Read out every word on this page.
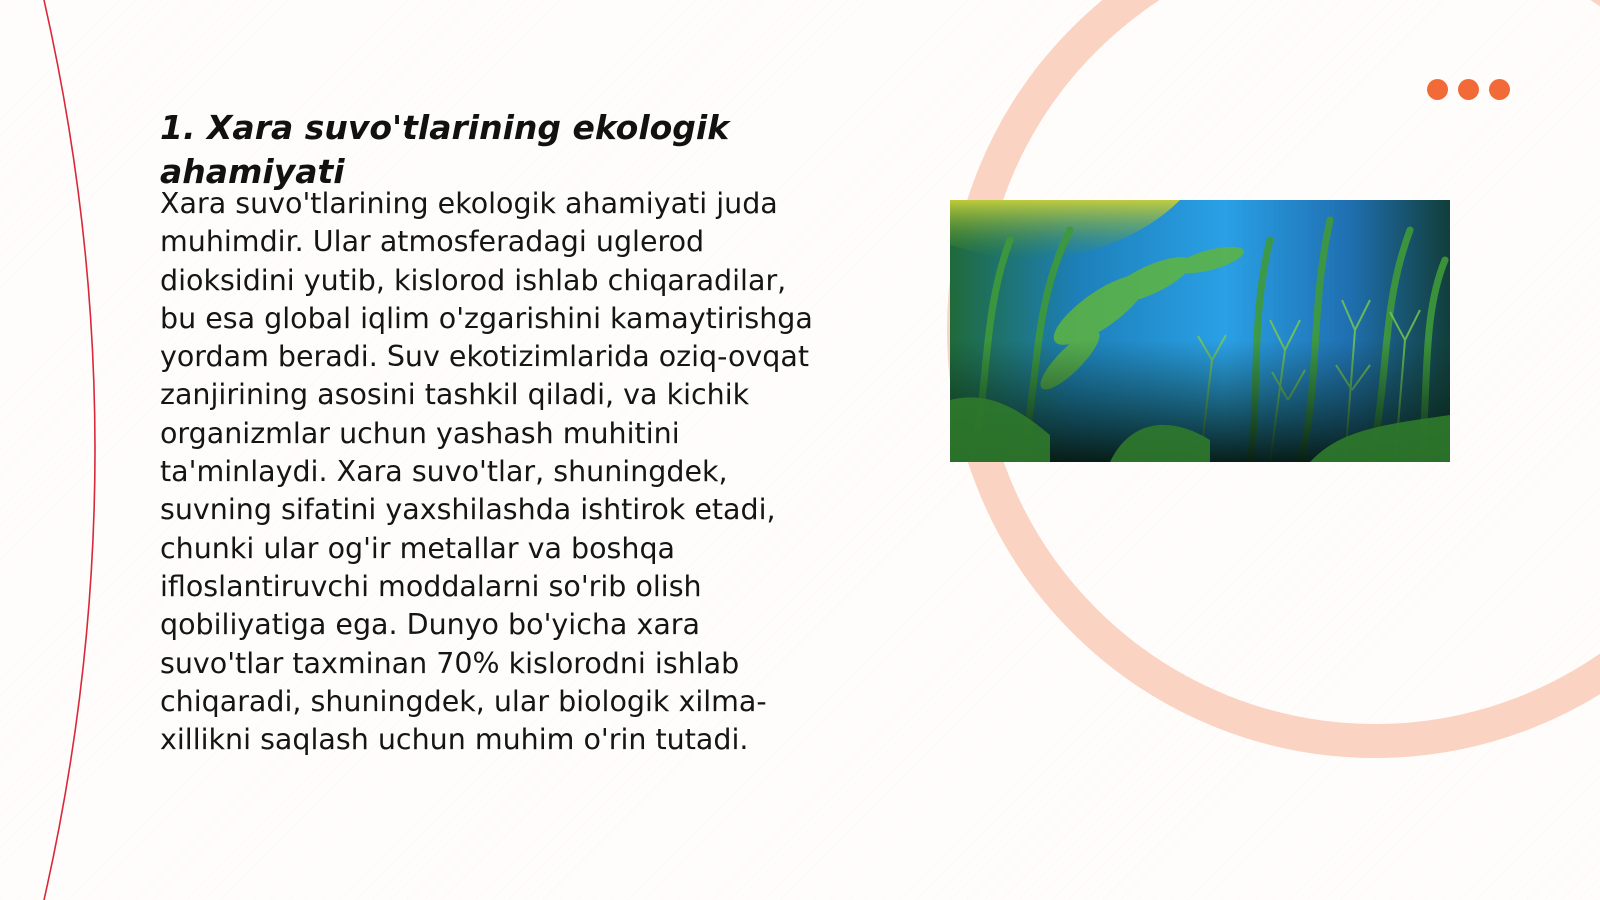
1. Xara suvo'tlarining ekologik ahamiyati

Xara suvo'tlarining ekologik ahamiyati juda muhimdir. Ular atmosferadagi uglerod dioksidini yutib, kislorod ishlab chiqaradilar, bu esa global iqlim o'zgarishini kamaytirishga yordam beradi. Suv ekotizimlarida oziq-ovqat zanjirining asosini tashkil qiladi, va kichik organizmlar uchun yashash muhitini ta'minlaydi. Xara suvo'tlar, shuningdek, suvning sifatini yaxshilashda ishtirok etadi, chunki ular og'ir metallar va boshqa ifloslantiruvchi moddalarni so'rib olish qobiliyatiga ega. Dunyo bo'yicha xara suvo'tlar taxminan 70% kislorodni ishlab chiqaradi, shuningdek, ular biologik xilma-xillikni saqlash uchun muhim o'rin tutadi.
